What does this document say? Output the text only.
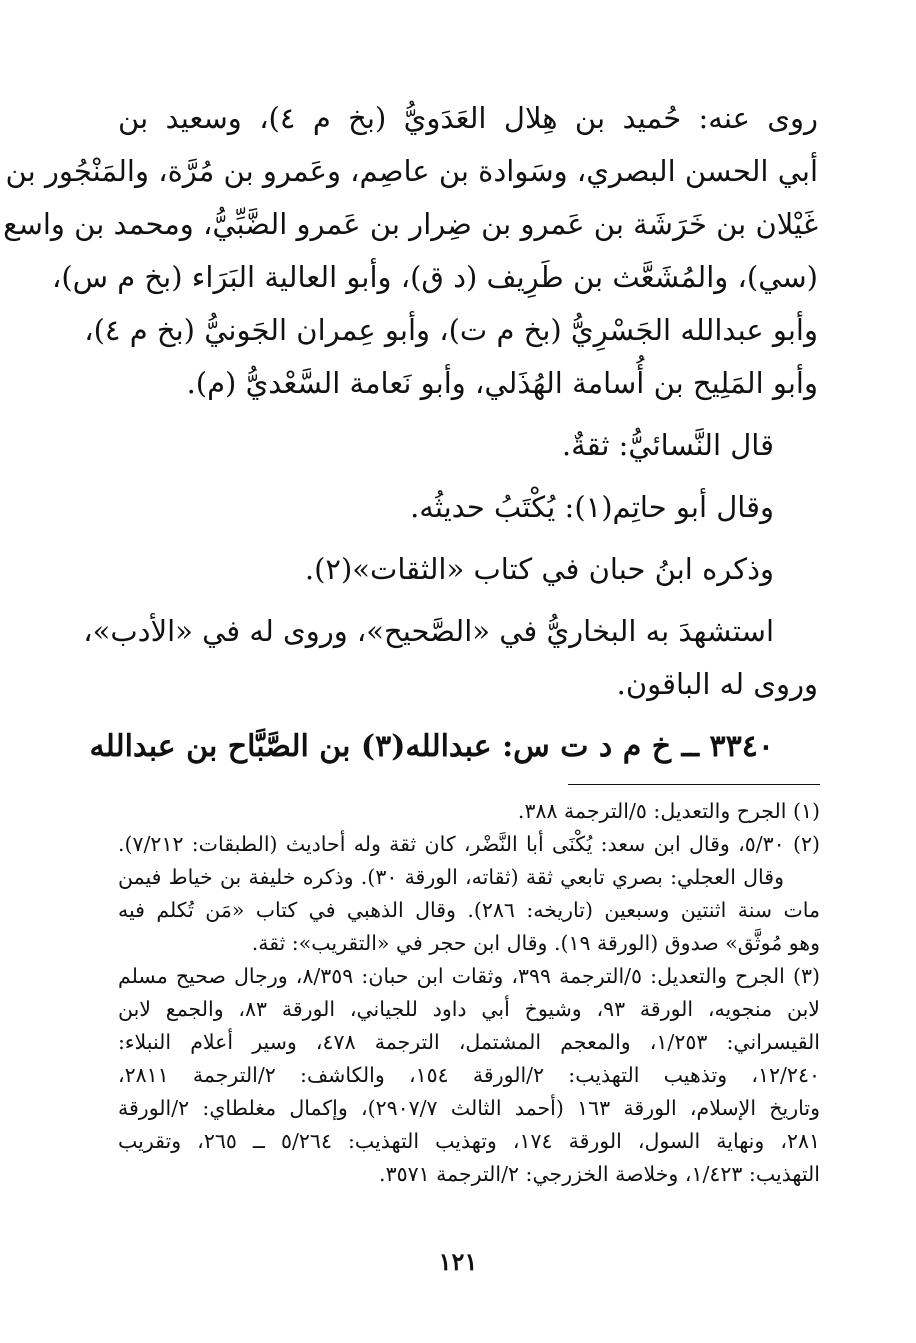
روى عنه: حُميد بن هِلال العَدَويُّ (بخ م ٤)، وسعيد بن
أبي الحسن البصري، وسَوادة بن عاصِم، وعَمرو بن مُرَّة، والمَنْجُور بن
غَيْلان بن خَرَشَة بن عَمرو بن ضِرار بن عَمرو الضَّبِّيُّ، ومحمد بن واسع
(سي)، والمُشَعَّث بن طَرِيف (د ق)، وأبو العالية البَرَاء (بخ م س)،
وأبو عبدالله الجَسْرِيُّ (بخ م ت)، وأبو عِمران الجَونيُّ (بخ م ٤)،
وأبو المَلِيح بن أُسامة الهُذَلي، وأبو نَعامة السَّعْديُّ (م).
قال النَّسائيُّ: ثقةٌ.
وقال أبو حاتِم(١): يُكْتَبُ حديثُه.
وذكره ابنُ حبان في كتاب «الثقات»(٢).
استشهدَ به البخاريُّ في «الصَّحيح»، وروى له في «الأدب»،
وروى له الباقون.
٣٣٤٠ ــ خ م د ت س: عبدالله(٣) بن الصَّبَّاح بن عبدالله
(١) الجرح والتعديل: ٥/الترجمة ٣٨٨.
(٢) ٥/٣٠، وقال ابن سعد: يُكْنَى أبا النَّضْر، كان ثقة وله أحاديث (الطبقات: ٧/٢١٢).
وقال العجلي: بصري تابعي ثقة (ثقاته، الورقة ٣٠). وذكره خليفة بن خياط فيمن
مات سنة اثنتين وسبعين (تاريخه: ٢٨٦). وقال الذهبي في كتاب «مَن تُكلم فيه
وهو مُوثَّق» صدوق (الورقة ١٩). وقال ابن حجر في «التقريب»: ثقة.
(٣) الجرح والتعديل: ٥/الترجمة ٣٩٩، وثقات ابن حبان: ٨/٣٥٩، ورجال صحيح مسلم
لابن منجويه، الورقة ٩٣، وشيوخ أبي داود للجياني، الورقة ٨٣، والجمع لابن
القيسراني: ١/٢٥٣، والمعجم المشتمل، الترجمة ٤٧٨، وسير أعلام النبلاء:
١٢/٢٤٠، وتذهيب التهذيب: ٢/الورقة ١٥٤، والكاشف: ٢/الترجمة ٢٨١١،
وتاريخ الإسلام، الورقة ١٦٣ (أحمد الثالث ٢٩٠٧/٧)، وإكمال مغلطاي: ٢/الورقة
٢٨١، ونهاية السول، الورقة ١٧٤، وتهذيب التهذيب: ٥/٢٦٤ ــ ٢٦٥، وتقريب
التهذيب: ١/٤٢٣، وخلاصة الخزرجي: ٢/الترجمة ٣٥٧١.
١٢١
